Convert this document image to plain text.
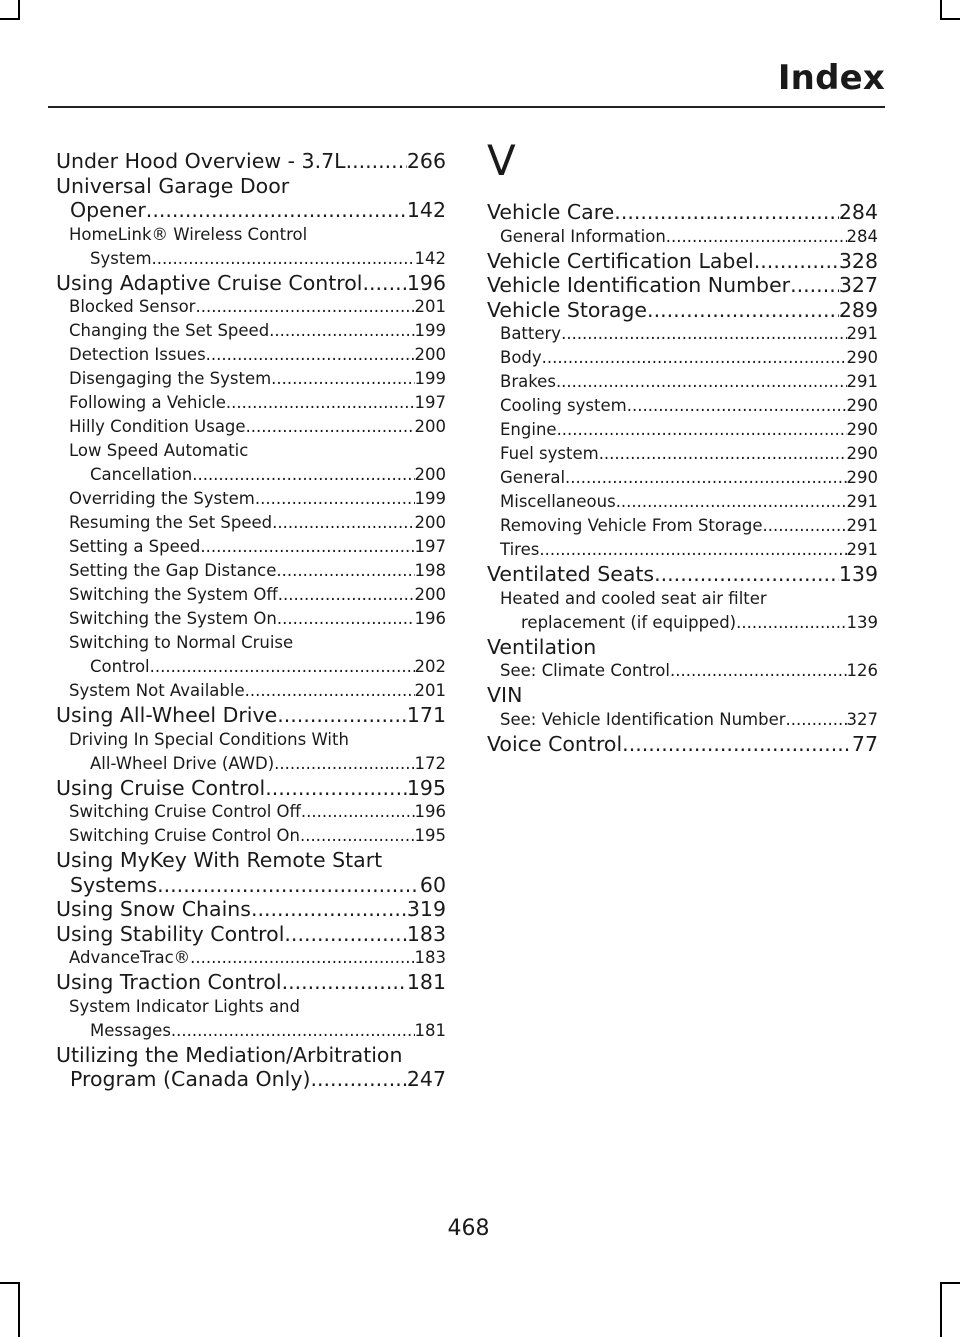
Index
Under Hood Overview - 3.7L .....	266
Universal Garage Door
Opener .....	142
HomeLink® Wireless Control
System .....	142
Using Adaptive Cruise Control ..... 196
Blocked Sensor .....	201
Changing the Set Speed .....	199
Detection Issues .....	200
Disengaging the System .....	199
Following a Vehicle .....	197
Hilly Condition Usage .....	200
Low Speed Automatic
Cancellation .....	200
Overriding the System .....	199
Resuming the Set Speed .....	200
Setting a Speed .....	197
Setting the Gap Distance .....	198
Switching the System Off .....	200
Switching the System On .....	196
Switching to Normal Cruise
Control .....	202
System Not Available .....	201
Using All-Wheel Drive .....	171
Driving In Special Conditions With
All-Wheel Drive (AWD) .....	172
Using Cruise Control .....	195
Switching Cruise Control Off .....	196
Switching Cruise Control On .....	195
Using MyKey With Remote Start
Systems .....	60
Using Snow Chains .....	319
Using Stability Control .....	183
AdvanceTrac® .....	183
Using Traction Control .....	181
System Indicator Lights and
Messages .....	181
Utilizing the Mediation/Arbitration
Program (Canada Only) .....	247
V
Vehicle Care .....	284
General Information .....	284
Vehicle Certification Label .....	328
Vehicle Identification Number ..... 327
Vehicle Storage .....	289
Battery .....	291
Body .....	290
Brakes .....	291
Cooling system .....	290
Engine .....	290
Fuel system .....	290
General .....	290
Miscellaneous .....	291
Removing Vehicle From Storage .....	291
Tires .....	291
Ventilated Seats .....	139
Heated and cooled seat air filter
replacement (if equipped) .....	139
Ventilation
See: Climate Control .....	126
VIN
See: Vehicle Identification Number .....	327
Voice Control .....	77
468
